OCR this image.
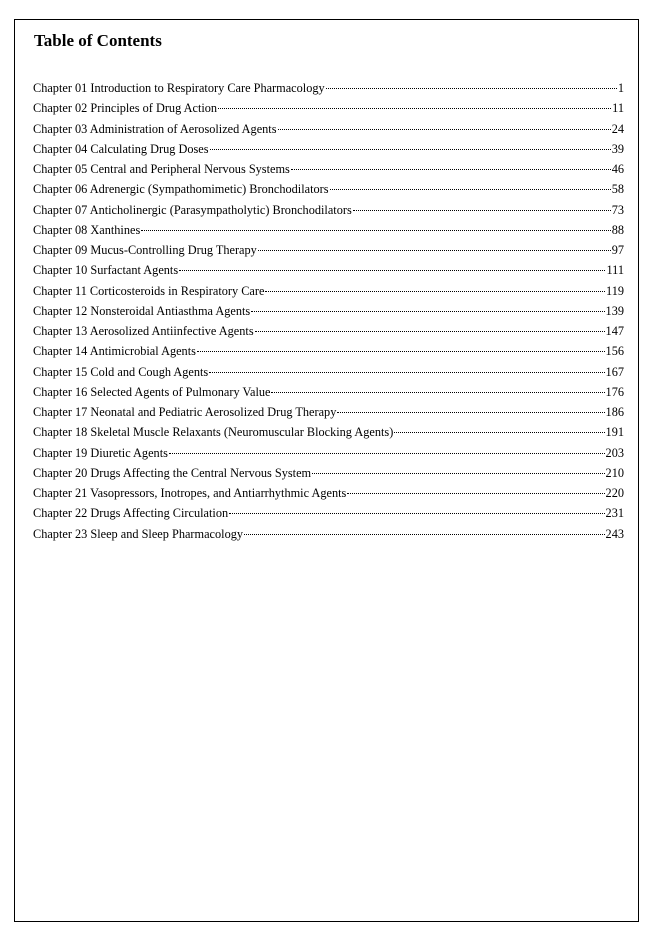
Table of Contents
Chapter 01 Introduction to Respiratory Care Pharmacology	1
Chapter 02 Principles of Drug Action	11
Chapter 03 Administration of Aerosolized Agents	24
Chapter 04 Calculating Drug Doses	39
Chapter 05 Central and Peripheral Nervous Systems	46
Chapter 06 Adrenergic (Sympathomimetic) Bronchodilators	58
Chapter 07 Anticholinergic (Parasympatholytic) Bronchodilators	73
Chapter 08 Xanthines	88
Chapter 09 Mucus-Controlling Drug Therapy	97
Chapter 10 Surfactant Agents	111
Chapter 11 Corticosteroids in Respiratory Care	119
Chapter 12 Nonsteroidal Antiasthma Agents	139
Chapter 13 Aerosolized Antiinfective Agents	147
Chapter 14 Antimicrobial Agents	156
Chapter 15 Cold and Cough Agents	167
Chapter 16 Selected Agents of Pulmonary Value	176
Chapter 17 Neonatal and Pediatric Aerosolized Drug Therapy	186
Chapter 18 Skeletal Muscle Relaxants (Neuromuscular Blocking Agents)	191
Chapter 19 Diuretic Agents	203
Chapter 20 Drugs Affecting the Central Nervous System	210
Chapter 21 Vasopressors, Inotropes, and Antiarrhythmic Agents	220
Chapter 22 Drugs Affecting Circulation	231
Chapter 23 Sleep and Sleep Pharmacology	243
